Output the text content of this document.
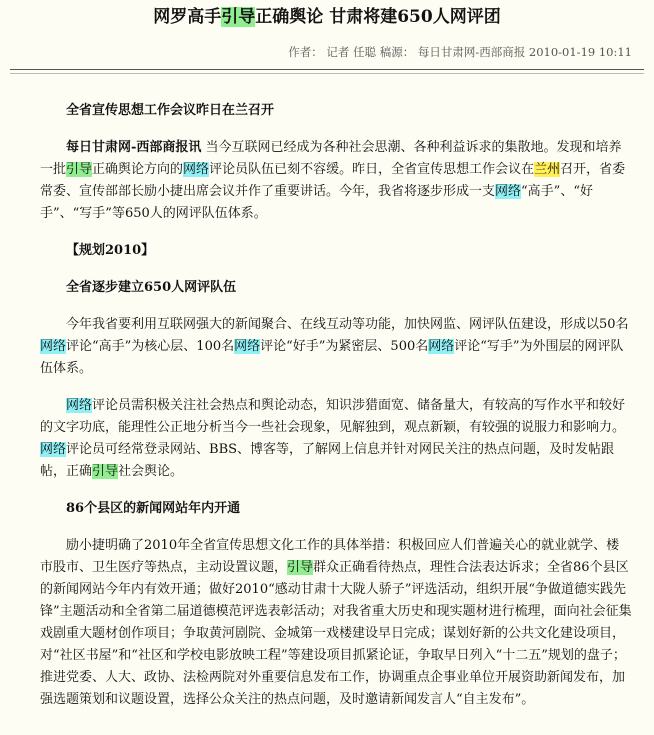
网罗高手引导正确舆论 甘肃将建650人网评团
作者： 记者 任聪 稿源： 每日甘肃网-西部商报 2010-01-19 10:11

全省宣传思想工作会议昨日在兰召开

每日甘肃网-西部商报讯 当今互联网已经成为各种社会思潮、各种利益诉求的集散地。发现和培养一批引导正确舆论方向的网络评论员队伍已刻不容缓。昨日，全省宣传思想工作会议在兰州召开，省委常委、宣传部部长励小捷出席会议并作了重要讲话。今年，我省将逐步形成一支网络“高手”、“好手”、“写手”等650人的网评队伍体系。

【规划2010】

全省逐步建立650人网评队伍

今年我省要利用互联网强大的新闻聚合、在线互动等功能，加快网监、网评队伍建设，形成以50名网络评论“高手”为核心层、100名网络评论“好手”为紧密层、500名网络评论“写手”为外围层的网评队伍体系。

网络评论员需积极关注社会热点和舆论动态，知识涉猎面宽、储备量大，有较高的写作水平和较好的文字功底，能理性公正地分析当今一些社会现象，见解独到，观点新颖，有较强的说服力和影响力。网络评论员可经常登录网站、BBS、博客等，了解网上信息并针对网民关注的热点问题，及时发帖跟帖，正确引导社会舆论。

86个县区的新闻网站年内开通

励小捷明确了2010年全省宣传思想文化工作的具体举措：积极回应人们普遍关心的就业就学、楼市股市、卫生医疗等热点，主动设置议题，引导群众正确看待热点，理性合法表达诉求；全省86个县区的新闻网站今年内有效开通；做好2010“感动甘肃十大陇人骄子”评选活动，组织开展“争做道德实践先锋”主题活动和全省第二届道德模范评选表彰活动；对我省重大历史和现实题材进行梳理，面向社会征集戏剧重大题材创作项目；争取黄河剧院、金城第一戏楼建设早日完成；谋划好新的公共文化建设项目，对“社区书屋”和“社区和学校电影放映工程”等建设项目抓紧论证，争取早日列入“十二五”规划的盘子；推进党委、人大、政协、法检两院对外重要信息发布工作，协调重点企事业单位开展资助新闻发布，加强选题策划和议题设置，选择公众关注的热点问题，及时邀请新闻发言人“自主发布”。
